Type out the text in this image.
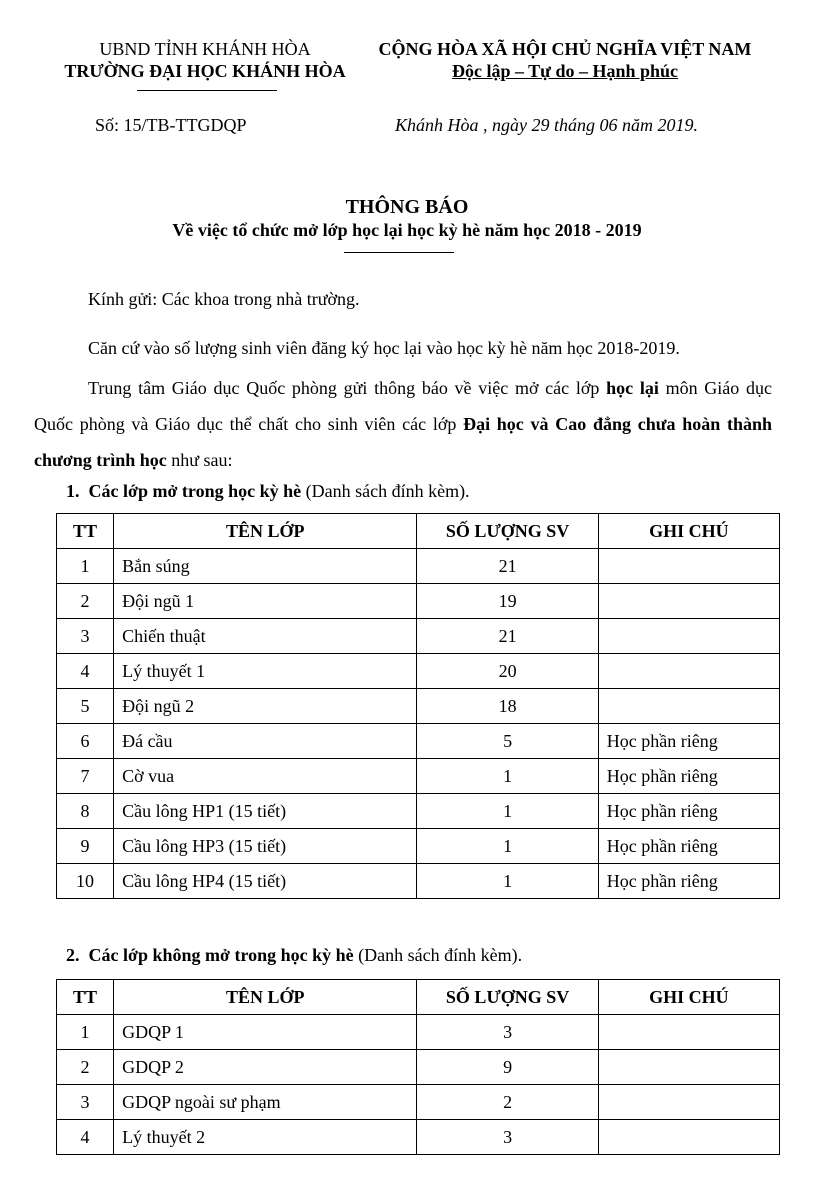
UBND TỈNH KHÁNH HÒA
TRƯỜNG ĐẠI HỌC KHÁNH HÒA
CỘNG HÒA XÃ HỘI CHỦ NGHĨA VIỆT NAM
Độc lập – Tự do – Hạnh phúc
Số: 15/TB-TTGDQP	Khánh Hòa , ngày 29 tháng 06 năm 2019.
THÔNG BÁO
Về việc tổ chức mở lớp học lại học kỳ hè năm học 2018 - 2019
Kính gửi: Các khoa trong nhà trường.
Căn cứ vào số lượng sinh viên đăng ký học lại vào học kỳ hè năm học 2018-2019.
Trung tâm Giáo dục Quốc phòng gửi thông báo về việc mở các lớp học lại môn Giáo dục Quốc phòng và Giáo dục thể chất cho sinh viên các lớp Đại học và Cao đẳng chưa hoàn thành chương trình học như sau:
1. Các lớp mở trong học kỳ hè (Danh sách đính kèm).
TT	TÊN LỚP	SỐ LƯỢNG SV	GHI CHÚ
1	Bắn súng	21	
2	Đội ngũ 1	19	
3	Chiến thuật	21	
4	Lý thuyết 1	20	
5	Đội ngũ 2	18	
6	Đá cầu	5	Học phần riêng
7	Cờ vua	1	Học phần riêng
8	Cầu lông HP1 (15 tiết)	1	Học phần riêng
9	Cầu lông HP3 (15 tiết)	1	Học phần riêng
10	Cầu lông HP4 (15 tiết)	1	Học phần riêng
2. Các lớp không mở trong học kỳ hè (Danh sách đính kèm).
TT	TÊN LỚP	SỐ LƯỢNG SV	GHI CHÚ
1	GDQP 1	3	
2	GDQP 2	9	
3	GDQP ngoài sư phạm	2	
4	Lý thuyết 2	3	
